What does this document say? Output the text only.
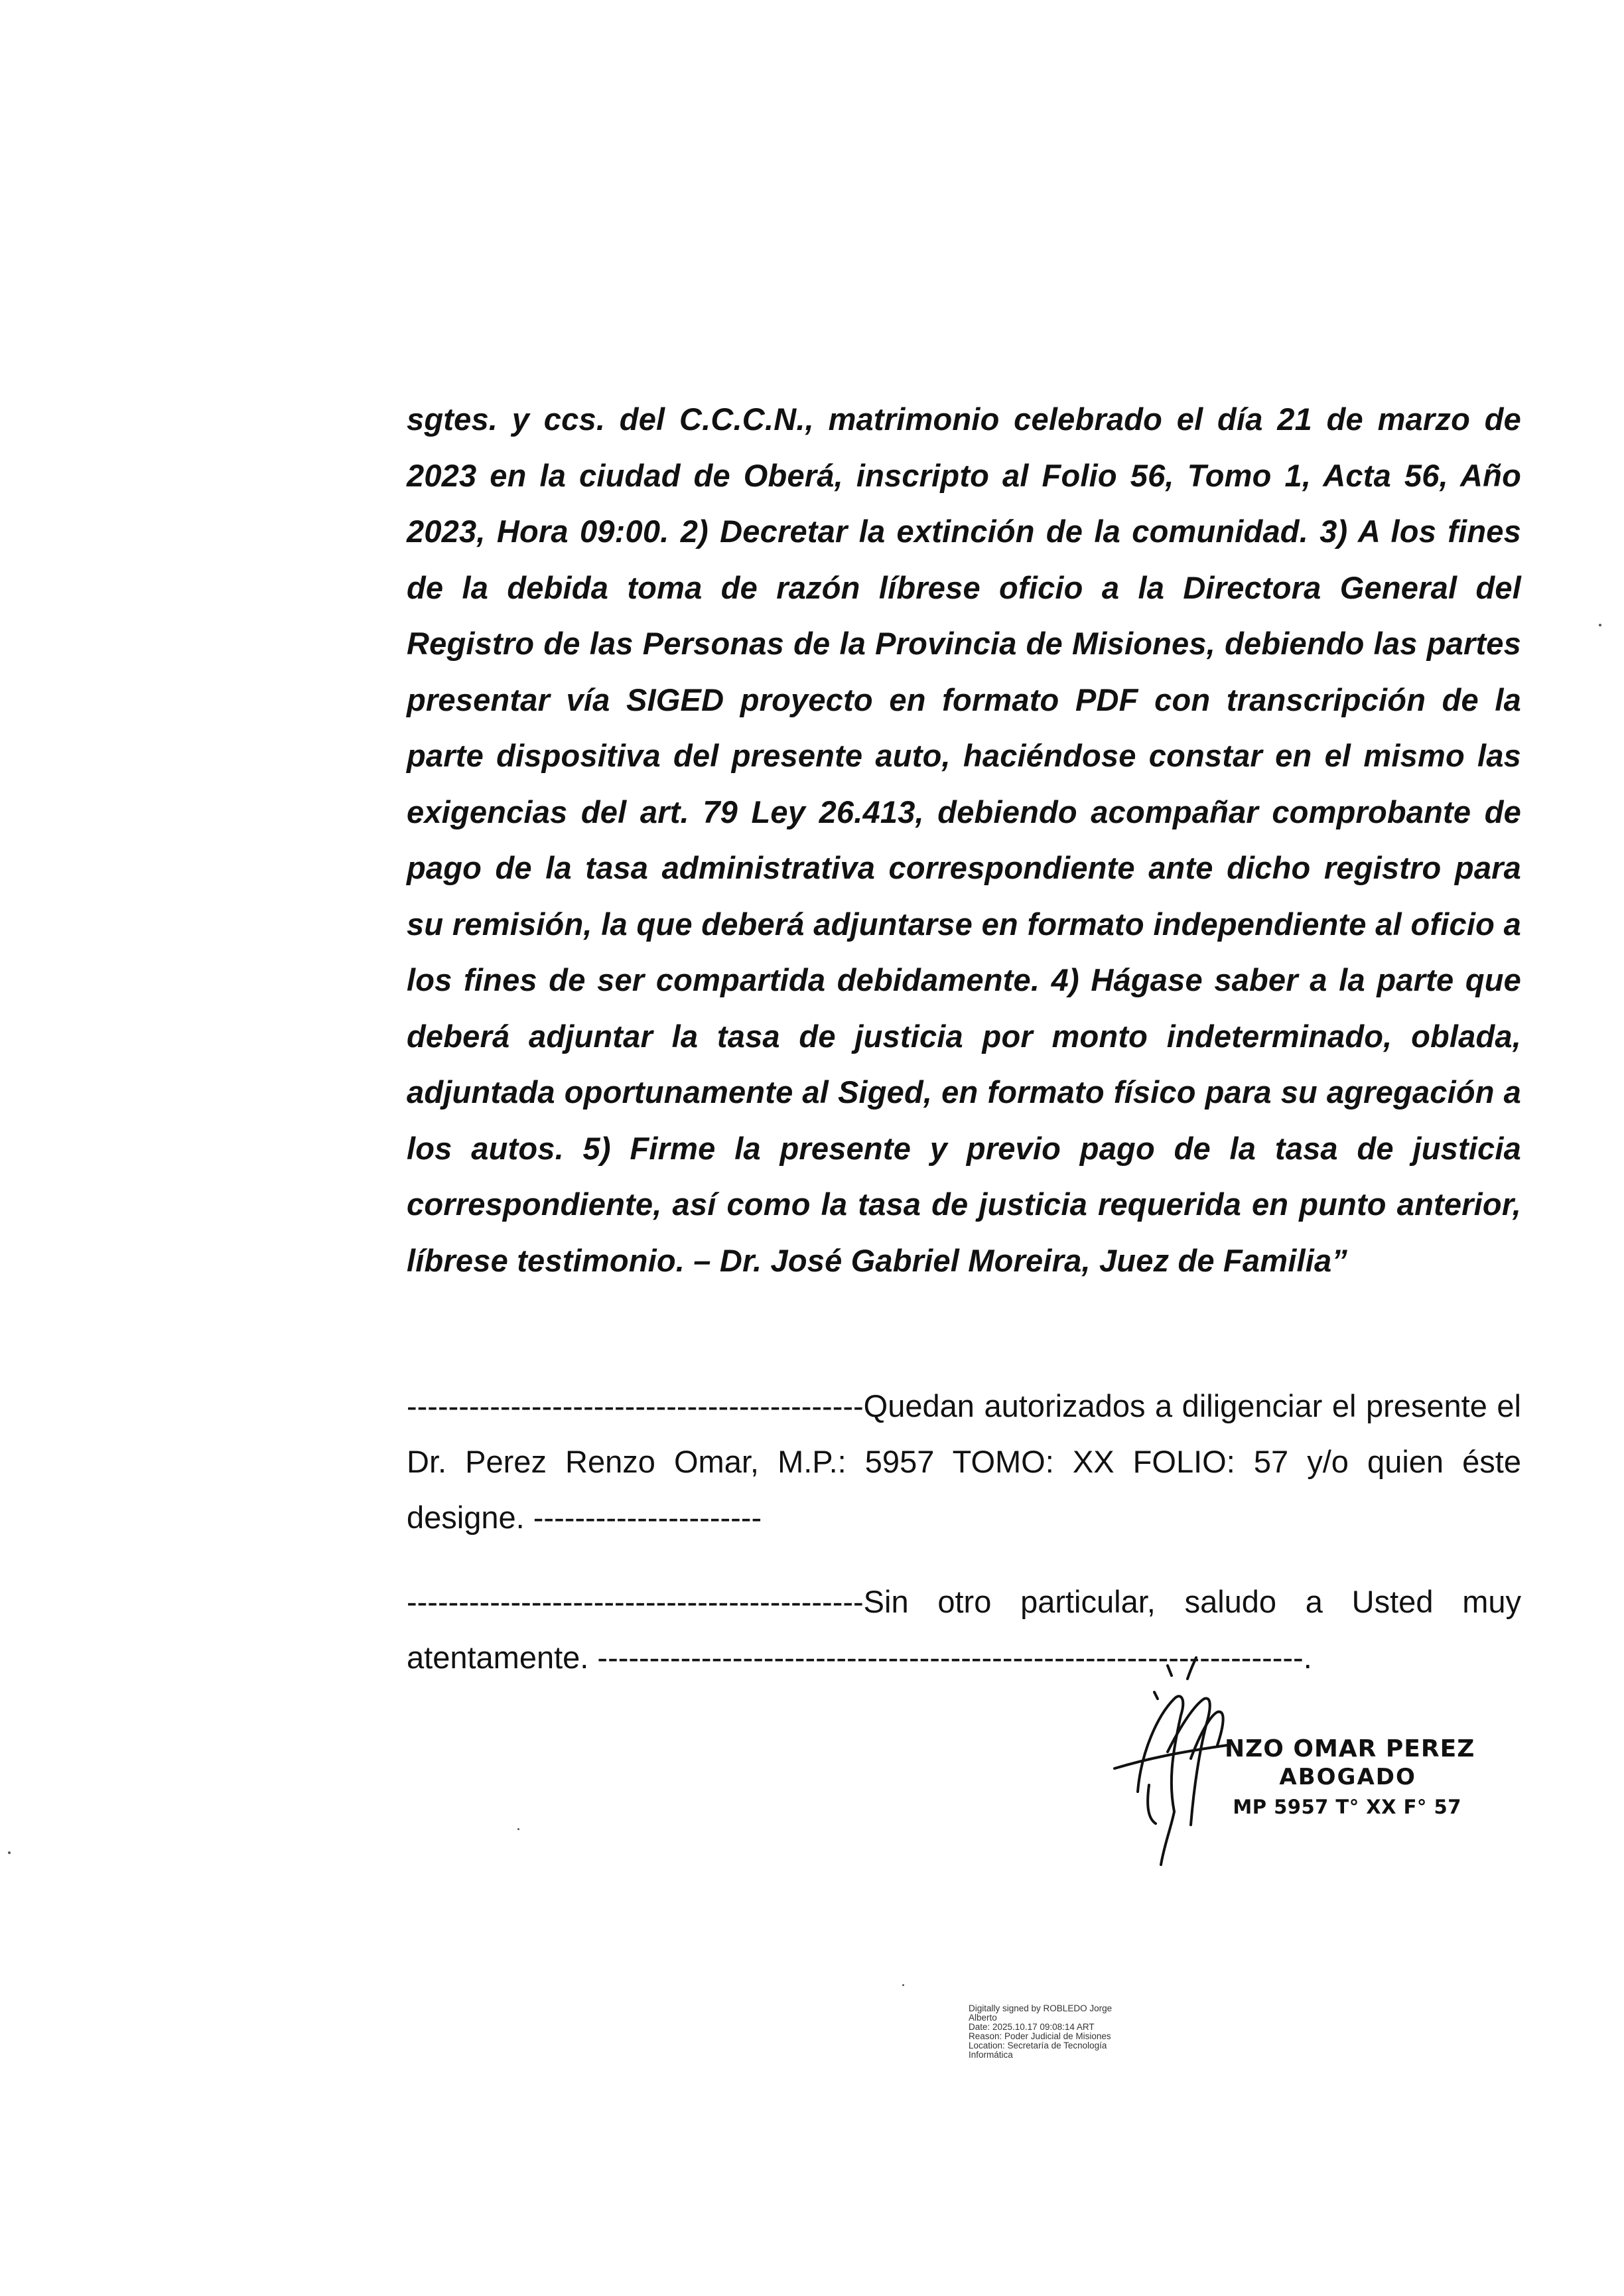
sgtes. y ccs. del C.C.C.N., matrimonio celebrado el día 21 de marzo de 2023 en la ciudad de Oberá, inscripto al Folio 56, Tomo 1, Acta 56, Año 2023, Hora 09:00. 2) Decretar la extinción de la comunidad. 3) A los fines de la debida toma de razón líbrese oficio a la Directora General del Registro de las Personas de la Provincia de Misiones, debiendo las partes presentar vía SIGED proyecto en formato PDF con transcripción de la parte dispositiva del presente auto, haciéndose constar en el mismo las exigencias del art. 79 Ley 26.413, debiendo acompañar comprobante de pago de la tasa administrativa correspondiente ante dicho registro para su remisión, la que deberá adjuntarse en formato independiente al oficio a los fines de ser compartida debidamente. 4) Hágase saber a la parte que deberá adjuntar la tasa de justicia por monto indeterminado, oblada, adjuntada oportunamente al Siged, en formato físico para su agregación a los autos. 5) Firme la presente y previo pago de la tasa de justicia correspondiente, así como la tasa de justicia requerida en punto anterior, líbrese testimonio. – Dr. José Gabriel Moreira, Juez de Familia”

--------------------------------------------Quedan autorizados a diligenciar el presente el Dr. Perez Renzo Omar, M.P.: 5957 TOMO: XX FOLIO: 57 y/o quien éste designe. ----------------------

--------------------------------------------Sin otro particular, saludo a Usted muy atentamente. --------------------------------------------------------------------.

NZO OMAR PEREZ
ABOGADO
MP 5957 T° XX F° 57
Digitally signed by ROBLEDO Jorge
Alberto
Date: 2025.10.17 09:08:14 ART
Reason: Poder Judicial de Misiones
Location: Secretaría de Tecnología
Informática
